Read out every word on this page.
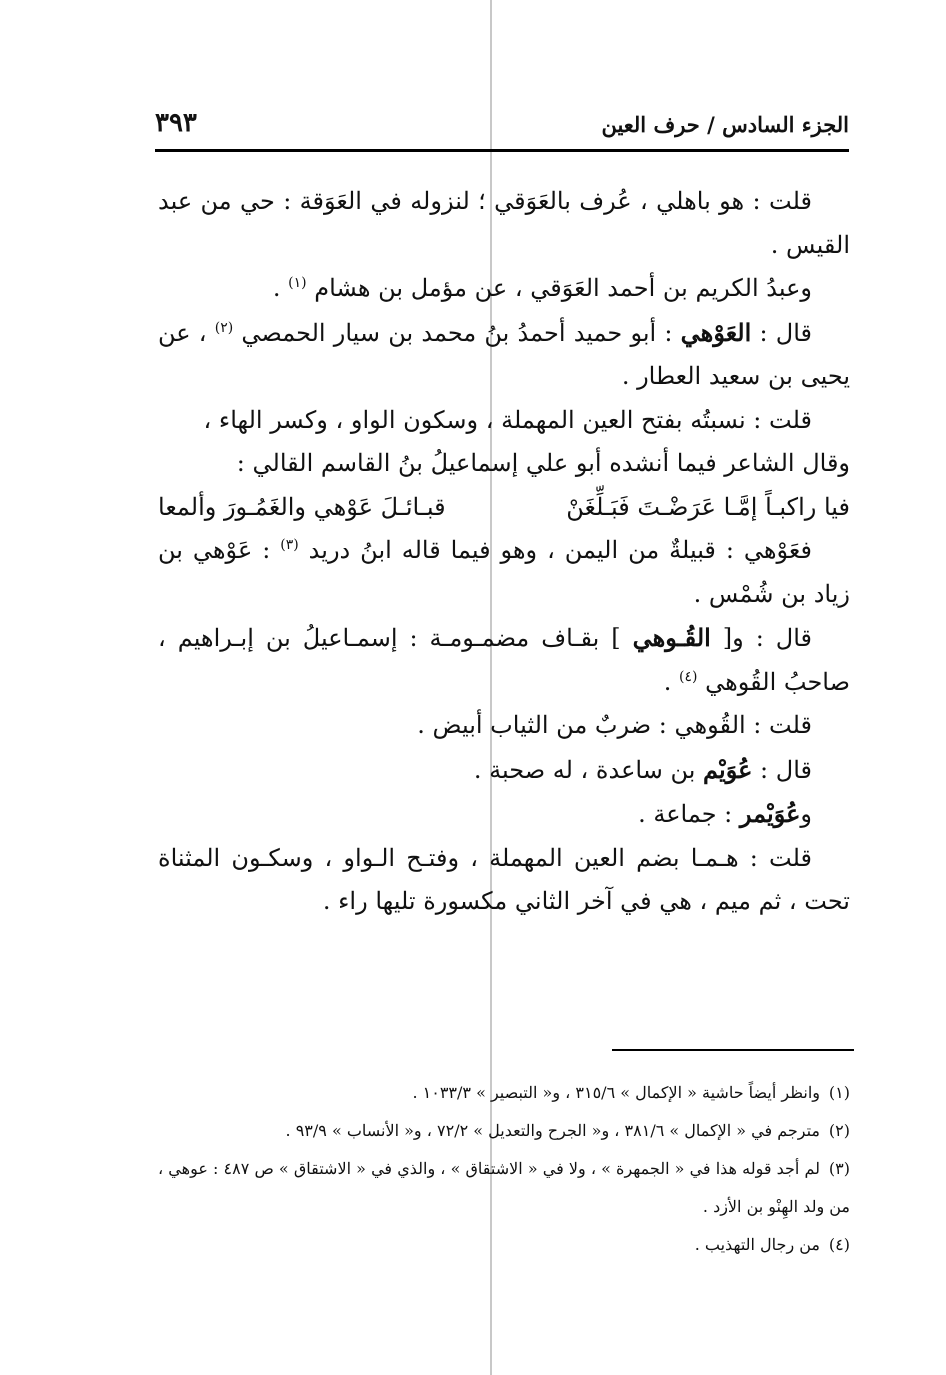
الجزء السادس / حرف العين
٣٩٣

قلت : هو باهلي ، عُرف بالعَوَقي ؛ لنزوله في العَوَقة : حي من عبد القيس .

وعبدُ الكريم بن أحمد العَوَقي ، عن مؤمل بن هشام $^{(١)}$ .

قال : العَوْهي : أبو حميد أحمدُ بنُ محمد بن سيار الحمصي $^{(٢)}$ ، عن يحيى بن سعيد العطار .

قلت : نسبتُه بفتح العين المهملة ، وسكون الواو ، وكسر الهاء ،

وقال الشاعر فيما أنشده أبو علي إسماعيلُ بنُ القاسم القالي :

فيا راكبـاً إمَّـا عَرَضْـتَ فَبَـلِّغَنْ
قبـائـلَ عَوْهي والغَمُـورَ وألمعا

فعَوْهي : قبيلةٌ من اليمن ، وهو فيما قاله ابنُ دريد $^{(٣)}$ : عَوْهي بن زياد بن شُمْس .

قال : و[ القُـوهي ] بقـاف مضمـومـة : إسمـاعيلُ بن إبـراهيم ، صاحبُ القُوهي $^{(٤)}$ .

قلت : القُوهي : ضربٌ من الثياب أبيض .

قال : عُوَيْم بن ساعدة ، له صحبة .

وعُوَيْمر : جماعة .

قلت : هـمـا بضم العين المهملة ، وفتـح الـواو ، وسكـون المثناة تحت ، ثم ميم ، هي في آخر الثاني مكسورة تليها راء .

(١)وانظر أيضاً حاشية « الإكمال » ٣١٥/٦ ، و« التبصير » ١٠٣٣/٣ .

(٢)مترجم في « الإكمال » ٣٨١/٦ ، و« الجرح والتعديل » ٧٢/٢ ، و« الأنساب » ٩٣/٩ .

(٣)لم أجد قوله هذا في « الجمهرة » ، ولا في « الاشتقاق » ، والذي في « الاشتقاق » ص ٤٨٧ : عوهي ، من ولد الهِنْو بن الأزد .

(٤)من رجال التهذيب .
